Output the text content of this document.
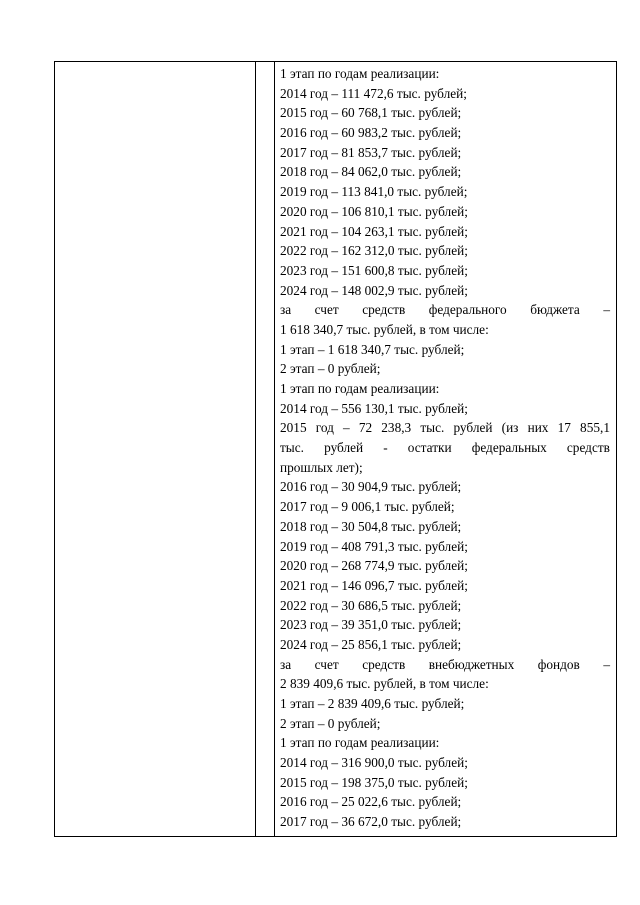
1 этап по годам реализации:
2014 год – 111 472,6 тыс. рублей;
2015 год – 60 768,1 тыс. рублей;
2016 год – 60 983,2 тыс. рублей;
2017 год – 81 853,7 тыс. рублей;
2018 год – 84 062,0 тыс. рублей;
2019 год – 113 841,0 тыс. рублей;
2020 год – 106 810,1 тыс. рублей;
2021 год – 104 263,1 тыс. рублей;
2022 год – 162 312,0 тыс. рублей;
2023 год – 151 600,8 тыс. рублей;
2024 год – 148 002,9 тыс. рублей;
за счет средств федерального бюджета –
1 618 340,7 тыс. рублей, в том числе:
1 этап – 1 618 340,7 тыс. рублей;
2 этап – 0 рублей;
1 этап по годам реализации:
2014 год – 556 130,1 тыс. рублей;
2015 год – 72 238,3 тыс. рублей (из них 17 855,1
тыс. рублей - остатки федеральных средств
прошлых лет);
2016 год – 30 904,9 тыс. рублей;
2017 год – 9 006,1 тыс. рублей;
2018 год – 30 504,8 тыс. рублей;
2019 год – 408 791,3 тыс. рублей;
2020 год – 268 774,9 тыс. рублей;
2021 год – 146 096,7 тыс. рублей;
2022 год – 30 686,5 тыс. рублей;
2023 год – 39 351,0 тыс. рублей;
2024 год – 25 856,1 тыс. рублей;
за счет средств внебюджетных фондов –
2 839 409,6 тыс. рублей, в том числе:
1 этап – 2 839 409,6 тыс. рублей;
2 этап – 0 рублей;
1 этап по годам реализации:
2014 год – 316 900,0 тыс. рублей;
2015 год – 198 375,0 тыс. рублей;
2016 год – 25 022,6 тыс. рублей;
2017 год – 36 672,0 тыс. рублей;
